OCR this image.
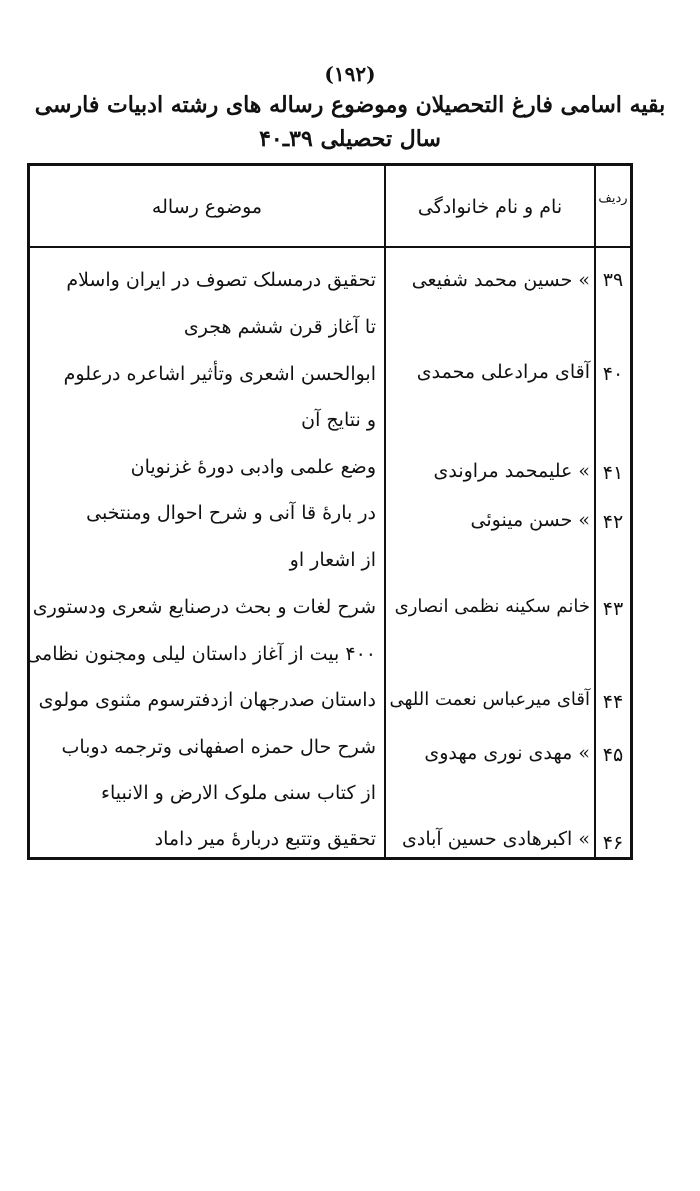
(۱۹۲)
بقیه اسامی فارغ التحصیلان وموضوع رساله های رشته ادبیات فارسی
سال تحصیلی ۳۹ـ۴۰
موضوع رساله	نام و نام خانوادگی	ردیف
۳۹
» حسین محمد شفیعی
تحقیق درمسلک تصوف در ایران واسلام
تا آغاز قرن ششم هجری
۴۰
آقای مرادعلی محمدی
ابوالحسن اشعری وتأثیر اشاعره درعلوم
و نتایج آن
۴۱
» علیمحمد مراوندی
وضع علمی وادبی دورهٔ غزنویان
۴۲
» حسن مینوئی
در بارهٔ قا آنی و شرح احوال ومنتخبی
از اشعار او
۴۳
خانم سکینه نظمی انصاری
شرح لغات و بحث درصنایع شعری ودستوری
۴۰۰ بیت از آغاز داستان لیلی ومجنون نظامی
۴۴
آقای میرعباس نعمت اللهی
داستان صدرجهان ازدفترسوم مثنوی مولوی
۴۵
» مهدی نوری مهدوی
شرح حال حمزه اصفهانی وترجمه دوباب
از کتاب سنی ملوک الارض و الانبیاء
۴۶
» اکبرهادی حسین آبادی
تحقیق وتتبع دربارهٔ میر داماد
